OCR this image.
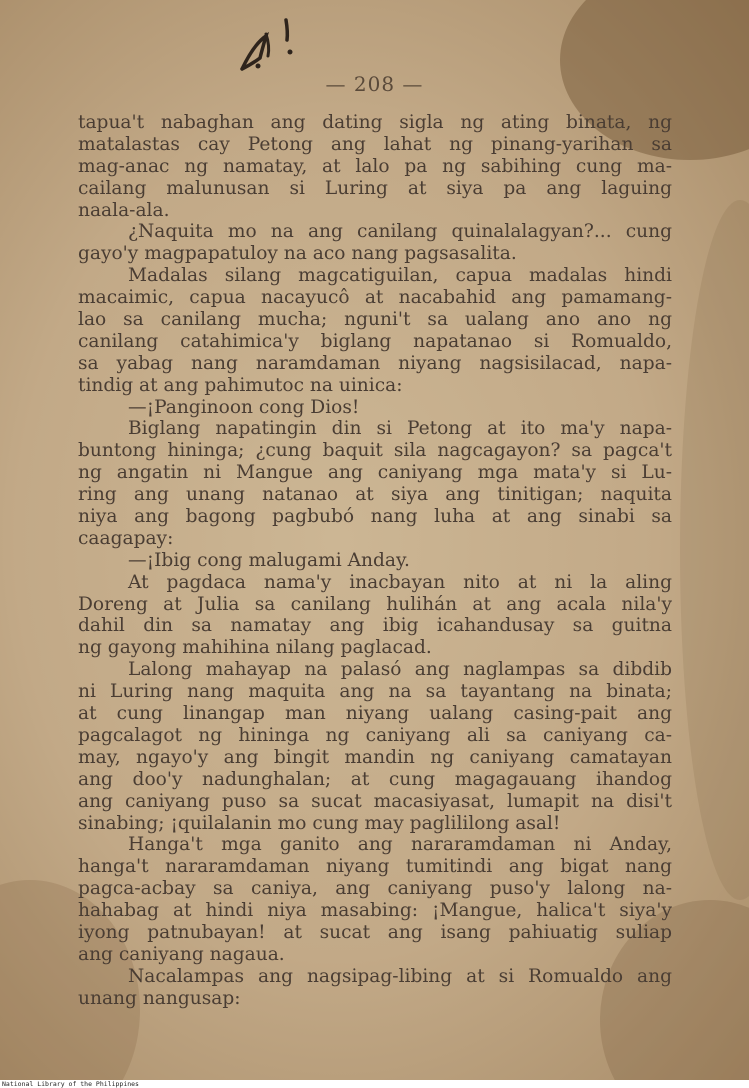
— 208 —
tapua't nabaghan ang dating sigla ng ating binata, ng
matalastas cay Petong ang lahat ng pinang-yarihan sa
mag-anac ng namatay, at lalo pa ng sabihing cung ma-
cailang malunusan si Luring at siya pa ang laguing
naala-ala.
¿Naquita mo na ang canilang quinalalagyan?... cung
gayo'y magpapatuloy na aco nang pagsasalita.
Madalas silang magcatiguilan, capua madalas hindi
macaimic, capua nacayucô at nacabahid ang pamamang-
lao sa canilang mucha; nguni't sa ualang ano ano ng
canilang catahimica'y biglang napatanao si Romualdo,
sa yabag nang naramdaman niyang nagsisilacad, napa-
tindig at ang pahimutoc na uinica:
—¡Panginoon cong Dios!
Biglang napatingin din si Petong at ito ma'y napa-
buntong hininga; ¿cung baquit sila nagcagayon? sa pagca't
ng angatin ni Mangue ang caniyang mga mata'y si Lu-
ring ang unang natanao at siya ang tinitigan; naquita
niya ang bagong pagbubó nang luha at ang sinabi sa
caagapay:
—¡Ibig cong malugami Anday.
At pagdaca nama'y inacbayan nito at ni la aling
Doreng at Julia sa canilang hulihán at ang acala nila'y
dahil din sa namatay ang ibig icahandusay sa guitna
ng gayong mahihina nilang paglacad.
Lalong mahayap na palasó ang naglampas sa dibdib
ni Luring nang maquita ang na sa tayantang na binata;
at cung linangap man niyang ualang casing-pait ang
pagcalagot ng hininga ng caniyang ali sa caniyang ca-
may, ngayo'y ang bingit mandin ng caniyang camatayan
ang doo'y nadunghalan; at cung magagauang ihandog
ang caniyang puso sa sucat macasiyasat, lumapit na disi't
sinabing; ¡quilalanin mo cung may paglililong asal!
Hanga't mga ganito ang nararamdaman ni Anday,
hanga't nararamdaman niyang tumitindi ang bigat nang
pagca-acbay sa caniya, ang caniyang puso'y lalong na-
hahabag at hindi niya masabing: ¡Mangue, halica't siya'y
iyong patnubayan! at sucat ang isang pahiuatig suliap
ang caniyang nagaua.
Nacalampas ang nagsipag-libing at si Romualdo ang
unang nangusap:
National Library of the Philippines
